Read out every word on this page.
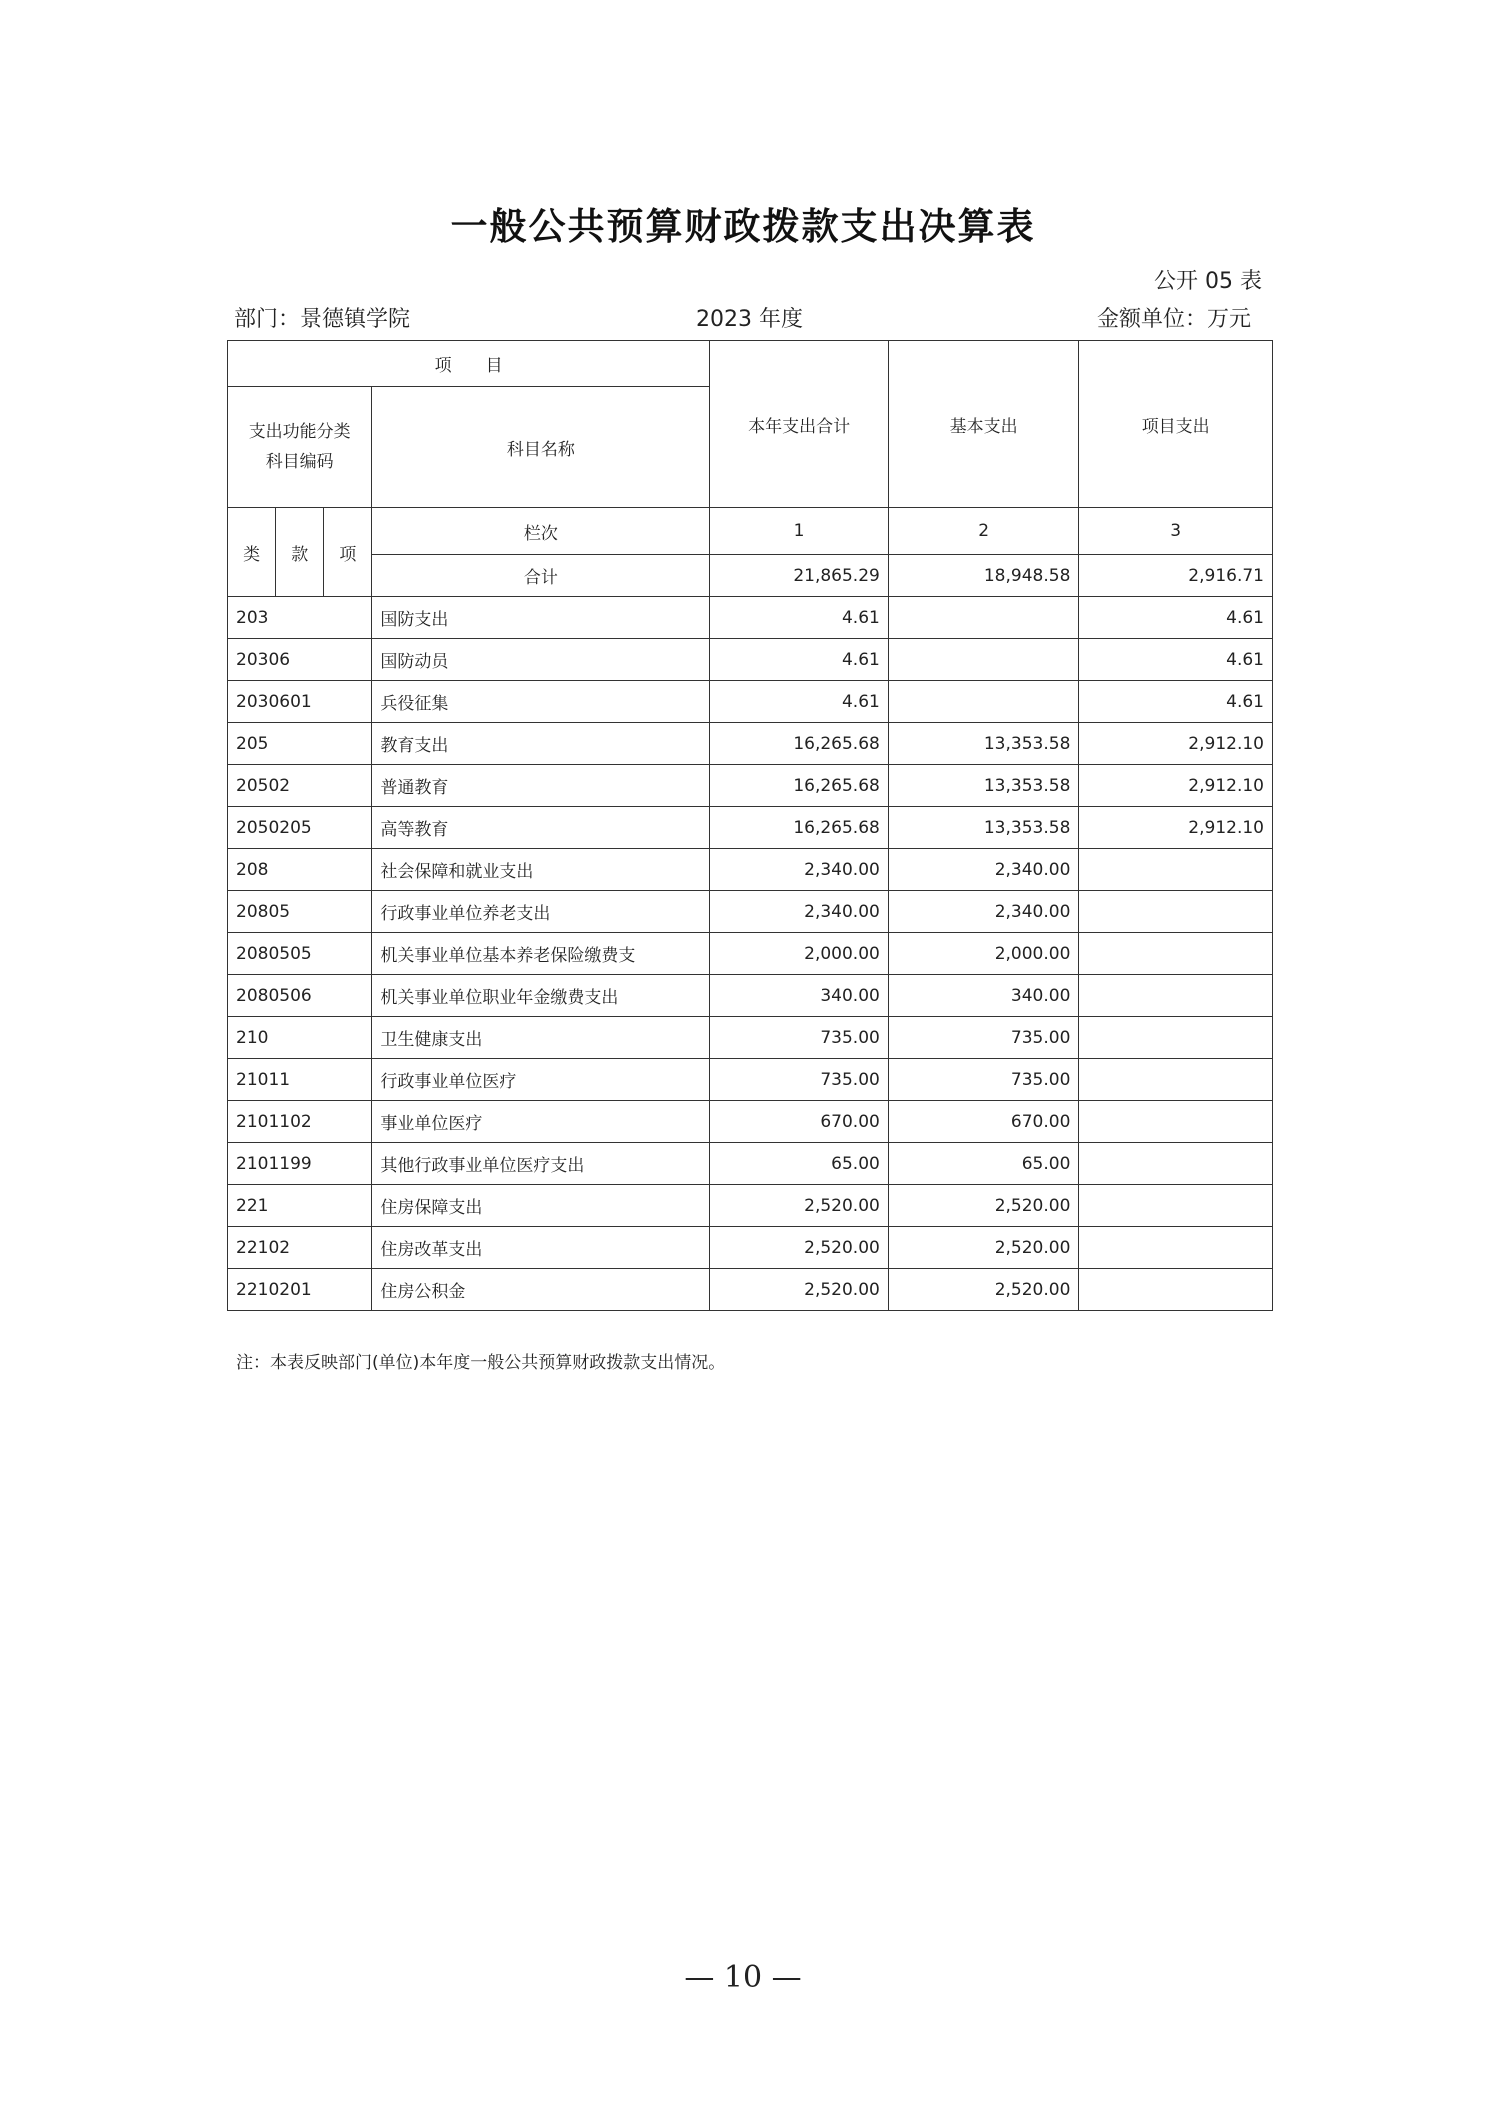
一般公共预算财政拨款支出决算表
公开 05 表
部门：景德镇学院	2023 年度	金额单位：万元
项　　目				本年支出合计	基本支出	项目支出
支出功能分类
科目编码			科目名称			
类	款	项	栏次	1	2	3
			合计	21,865.29	18,948.58	2,916.71
203			国防支出	4.61		4.61
20306			国防动员	4.61		4.61
2030601			兵役征集	4.61		4.61
205			教育支出	16,265.68	13,353.58	2,912.10
20502			普通教育	16,265.68	13,353.58	2,912.10
2050205			高等教育	16,265.68	13,353.58	2,912.10
208			社会保障和就业支出	2,340.00	2,340.00	
20805			行政事业单位养老支出	2,340.00	2,340.00	
2080505			机关事业单位基本养老保险缴费支	2,000.00	2,000.00	
2080506			机关事业单位职业年金缴费支出	340.00	340.00	
210			卫生健康支出	735.00	735.00	
21011			行政事业单位医疗	735.00	735.00	
2101102			事业单位医疗	670.00	670.00	
2101199			其他行政事业单位医疗支出	65.00	65.00	
221			住房保障支出	2,520.00	2,520.00	
22102			住房改革支出	2,520.00	2,520.00	
2210201			住房公积金	2,520.00	2,520.00	
注：本表反映部门(单位)本年度一般公共预算财政拨款支出情况。
— 10 —
